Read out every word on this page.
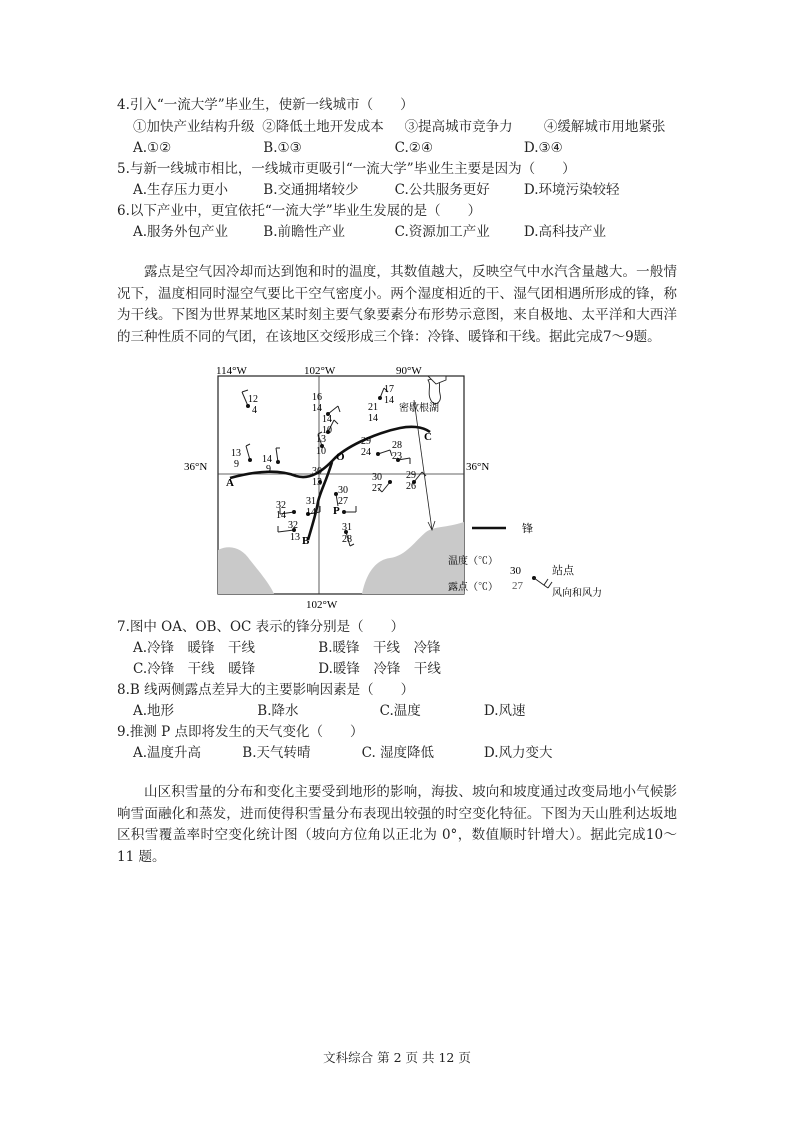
4.引入“一流大学”毕业生，使新一线城市（　　）
①加快产业结构升级 ②降低土地开发成本 ③提高城市竞争力 ④缓解城市用地紧张
A.①②	B.①③	C.②④	D.③④
5.与新一线城市相比，一线城市更吸引“一流大学”毕业生主要是因为（　　）
A.生存压力更小	B.交通拥堵较少	C.公共服务更好	D.环境污染较轻
6.以下产业中，更宜依托“一流大学”毕业生发展的是（　　）
A.服务外包产业	B.前瞻性产业	C.资源加工产业	D.高科技产业

露点是空气因冷却而达到饱和时的温度，其数值越大，反映空气中水汽含量越大。一般情况下，温度相同时湿空气要比干空气密度小。两个湿度相近的干、湿气团相遇所形成的锋，称为干线。下图为世界某地区某时刻主要气象要素分布形势示意图，来自极地、太平洋和大西洋的三种性质不同的气团，在该地区交绥形成三个锋：冷锋、暖锋和干线。据此完成7～9题。

12
4
16
14
17
14
21
14
14
10
13
10
13
9 14
9
29
24
28
23
30
13
30
27
30
27
29
26
32
14
31
14
32
13
31
28
114°W	102°W	90°W
102°W
36°N	36°N
密歇根湖
A
B
C
O
P
锋
温度（℃）
露点（℃）
30
27
站点
风向和风力
7.图中 OA、OB、OC 表示的锋分别是（　　）
A.冷锋　暖锋　干线	B.暖锋　干线　冷锋
C.冷锋　干线　暖锋	D.暖锋　冷锋　干线
8.B 线两侧露点差异大的主要影响因素是（　　）
A.地形	B.降水	C.温度	D.风速
9.推测 P 点即将发生的天气变化（　　）
A.温度升高	B.天气转晴	C. 湿度降低	D.风力变大

山区积雪量的分布和变化主要受到地形的影响，海拔、坡向和坡度通过改变局地小气候影响雪面融化和蒸发，进而使得积雪量分布表现出较强的时空变化特征。下图为天山胜利达坂地区积雪覆盖率时空变化统计图（坡向方位角以正北为 0°，数值顺时针增大）。据此完成10～11 题。

文科综合 第 2 页 共 12 页
